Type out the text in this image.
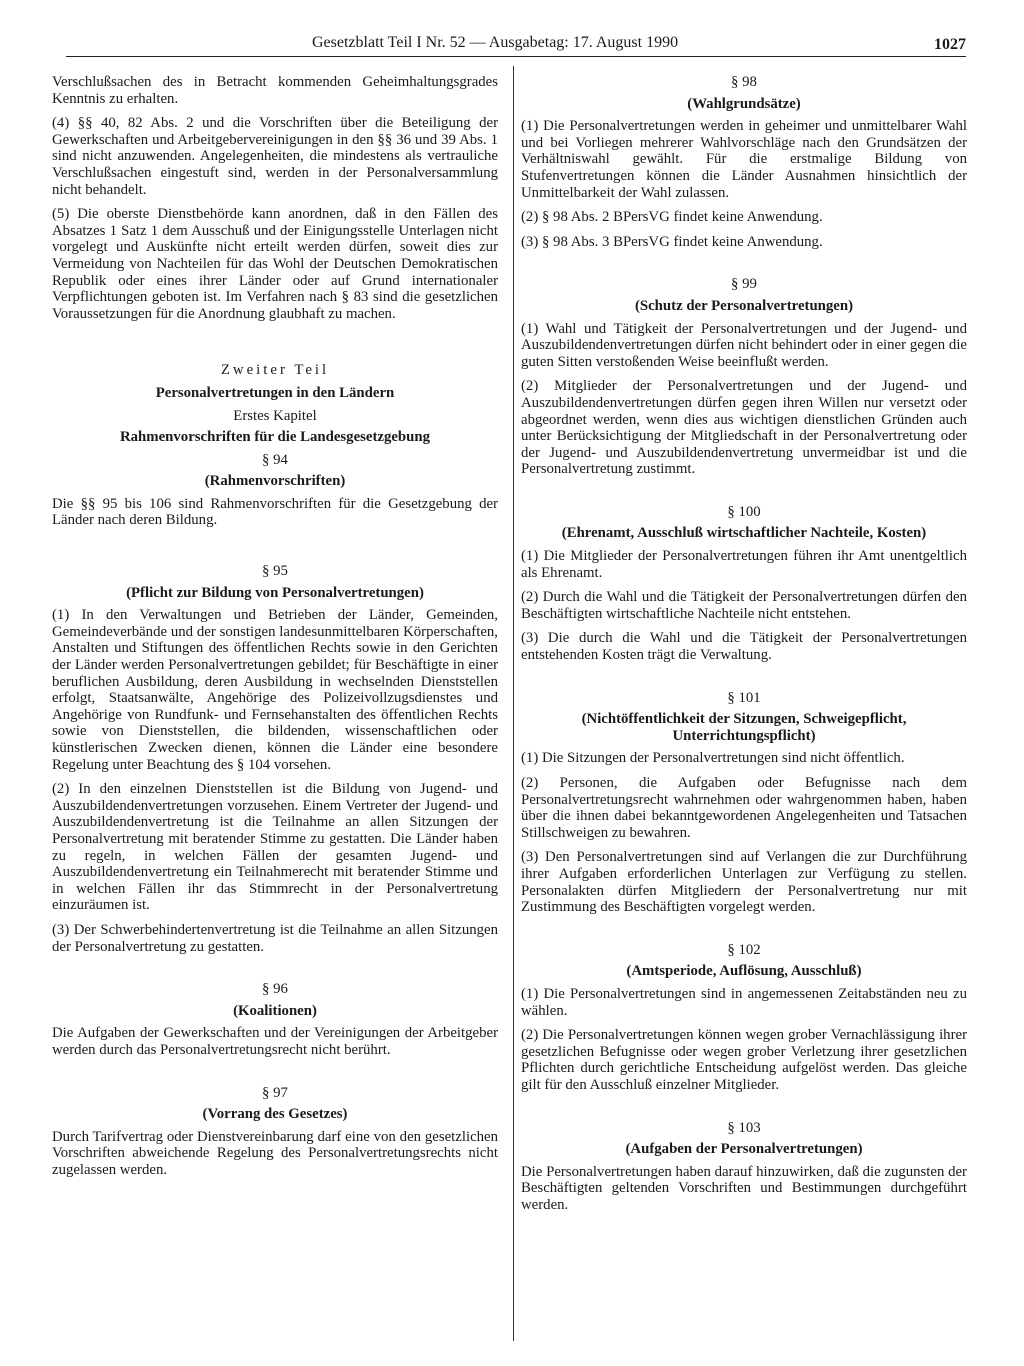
Gesetzblatt Teil I Nr. 52 — Ausgabetag: 17. August 1990	1027

Verschlußsachen des in Betracht kommenden Geheimhaltungsgrades Kenntnis zu erhalten.

(4) §§ 40, 82 Abs. 2 und die Vorschriften über die Beteiligung der Gewerkschaften und Arbeitgebervereinigungen in den §§ 36 und 39 Abs. 1 sind nicht anzuwenden. Angelegenheiten, die mindestens als vertrauliche Verschlußsachen eingestuft sind, werden in der Personalversammlung nicht behandelt.

(5) Die oberste Dienstbehörde kann anordnen, daß in den Fällen des Absatzes 1 Satz 1 dem Ausschuß und der Einigungsstelle Unterlagen nicht vorgelegt und Auskünfte nicht erteilt werden dürfen, soweit dies zur Vermeidung von Nachteilen für das Wohl der Deutschen Demokratischen Republik oder eines ihrer Länder oder auf Grund internationaler Verpflichtungen geboten ist. Im Verfahren nach § 83 sind die gesetzlichen Voraussetzungen für die Anordnung glaubhaft zu machen.

Zweiter Teil
Personalvertretungen in den Ländern
Erstes Kapitel
Rahmenvorschriften für die Landesgesetzgebung
§ 94
(Rahmenvorschriften)

Die §§ 95 bis 106 sind Rahmenvorschriften für die Gesetzgebung der Länder nach deren Bildung.

§ 95
(Pflicht zur Bildung von Personalvertretungen)

(1) In den Verwaltungen und Betrieben der Länder, Gemeinden, Gemeindeverbände und der sonstigen landesunmittelbaren Körperschaften, Anstalten und Stiftungen des öffentlichen Rechts sowie in den Gerichten der Länder werden Personalvertretungen gebildet; für Beschäftigte in einer beruflichen Ausbildung, deren Ausbildung in wechselnden Dienststellen erfolgt, Staatsanwälte, Angehörige des Polizeivollzugsdienstes und Angehörige von Rundfunk- und Fernsehanstalten des öffentlichen Rechts sowie von Dienststellen, die bildenden, wissenschaftlichen oder künstlerischen Zwecken dienen, können die Länder eine besondere Regelung unter Beachtung des § 104 vorsehen.

(2) In den einzelnen Dienststellen ist die Bildung von Jugend- und Auszubildendenvertretungen vorzusehen. Einem Vertreter der Jugend- und Auszubildendenvertretung ist die Teilnahme an allen Sitzungen der Personalvertretung mit beratender Stimme zu gestatten. Die Länder haben zu regeln, in welchen Fällen der gesamten Jugend- und Auszubildendenvertretung ein Teilnahmerecht mit beratender Stimme und in welchen Fällen ihr das Stimmrecht in der Personalvertretung einzuräumen ist.

(3) Der Schwerbehindertenvertretung ist die Teilnahme an allen Sitzungen der Personalvertretung zu gestatten.

§ 96
(Koalitionen)

Die Aufgaben der Gewerkschaften und der Vereinigungen der Arbeitgeber werden durch das Personalvertretungsrecht nicht berührt.

§ 97
(Vorrang des Gesetzes)

Durch Tarifvertrag oder Dienstvereinbarung darf eine von den gesetzlichen Vorschriften abweichende Regelung des Personalvertretungsrechts nicht zugelassen werden.

§ 98
(Wahlgrundsätze)

(1) Die Personalvertretungen werden in geheimer und unmittelbarer Wahl und bei Vorliegen mehrerer Wahlvorschläge nach den Grundsätzen der Verhältniswahl gewählt. Für die erstmalige Bildung von Stufenvertretungen können die Länder Ausnahmen hinsichtlich der Unmittelbarkeit der Wahl zulassen.

(2) § 98 Abs. 2 BPersVG findet keine Anwendung.

(3) § 98 Abs. 3 BPersVG findet keine Anwendung.

§ 99
(Schutz der Personalvertretungen)

(1) Wahl und Tätigkeit der Personalvertretungen und der Jugend- und Auszubildendenvertretungen dürfen nicht behindert oder in einer gegen die guten Sitten verstoßenden Weise beeinflußt werden.

(2) Mitglieder der Personalvertretungen und der Jugend- und Auszubildendenvertretungen dürfen gegen ihren Willen nur versetzt oder abgeordnet werden, wenn dies aus wichtigen dienstlichen Gründen auch unter Berücksichtigung der Mitgliedschaft in der Personalvertretung oder der Jugend- und Auszubildendenvertretung unvermeidbar ist und die Personalvertretung zustimmt.

§ 100
(Ehrenamt, Ausschluß wirtschaftlicher Nachteile, Kosten)

(1) Die Mitglieder der Personalvertretungen führen ihr Amt unentgeltlich als Ehrenamt.

(2) Durch die Wahl und die Tätigkeit der Personalvertretungen dürfen den Beschäftigten wirtschaftliche Nachteile nicht entstehen.

(3) Die durch die Wahl und die Tätigkeit der Personalvertretungen entstehenden Kosten trägt die Verwaltung.

§ 101
(Nichtöffentlichkeit der Sitzungen, Schweigepflicht, Unterrichtungspflicht)

(1) Die Sitzungen der Personalvertretungen sind nicht öffentlich.

(2) Personen, die Aufgaben oder Befugnisse nach dem Personalvertretungsrecht wahrnehmen oder wahrgenommen haben, haben über die ihnen dabei bekanntgewordenen Angelegenheiten und Tatsachen Stillschweigen zu bewahren.

(3) Den Personalvertretungen sind auf Verlangen die zur Durchführung ihrer Aufgaben erforderlichen Unterlagen zur Verfügung zu stellen. Personalakten dürfen Mitgliedern der Personalvertretung nur mit Zustimmung des Beschäftigten vorgelegt werden.

§ 102
(Amtsperiode, Auflösung, Ausschluß)

(1) Die Personalvertretungen sind in angemessenen Zeitabständen neu zu wählen.

(2) Die Personalvertretungen können wegen grober Vernachlässigung ihrer gesetzlichen Befugnisse oder wegen grober Verletzung ihrer gesetzlichen Pflichten durch gerichtliche Entscheidung aufgelöst werden. Das gleiche gilt für den Ausschluß einzelner Mitglieder.

§ 103
(Aufgaben der Personalvertretungen)

Die Personalvertretungen haben darauf hinzuwirken, daß die zugunsten der Beschäftigten geltenden Vorschriften und Bestimmungen durchgeführt werden.
